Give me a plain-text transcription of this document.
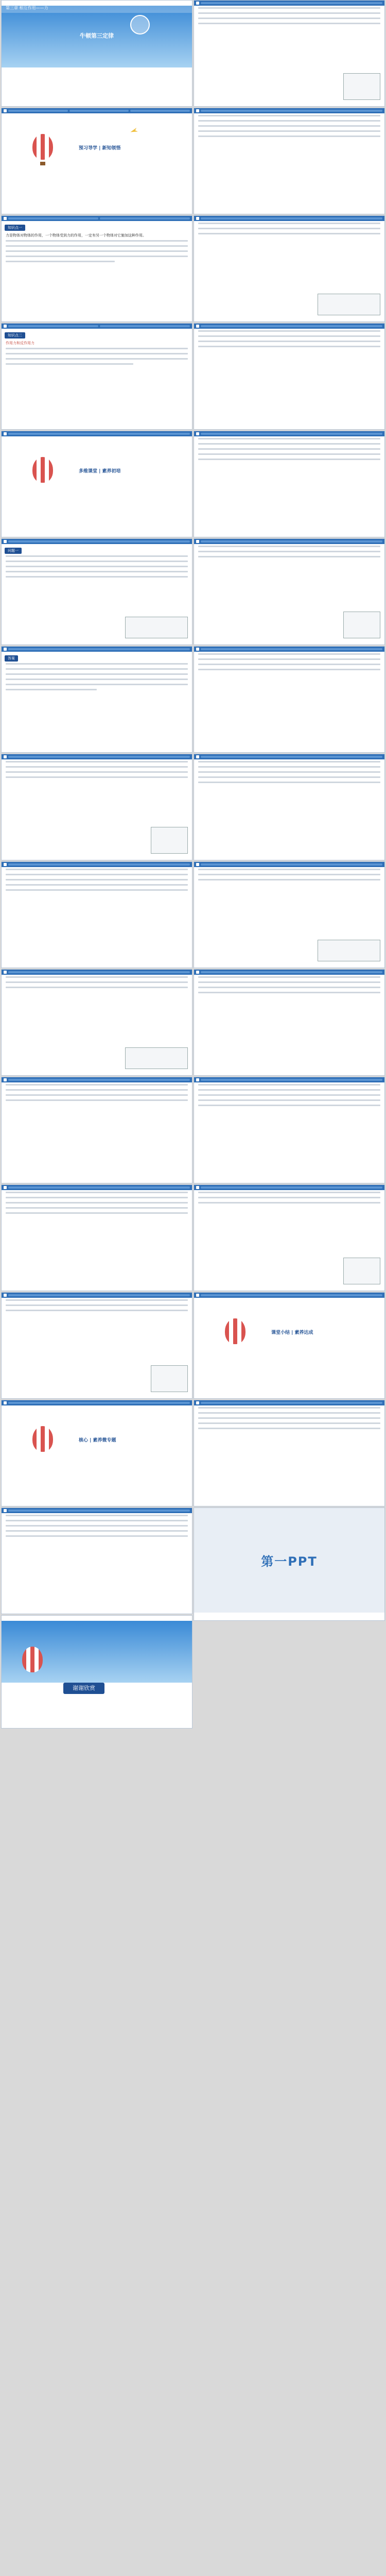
第三章 相互作用——力
牛顿第三定律
预习导学 | 新知领悟
知识点一
力是物体对物体的作用，一个物体受到力的作用，一定有另一个物体对它施加这种作用。
知识点二
作用力和反作用力
多维课堂 | 素养初培
问题一
答案
核心 | 素养微专题
谢谢欣赏
课堂小结 | 素养达成
第一PPT
